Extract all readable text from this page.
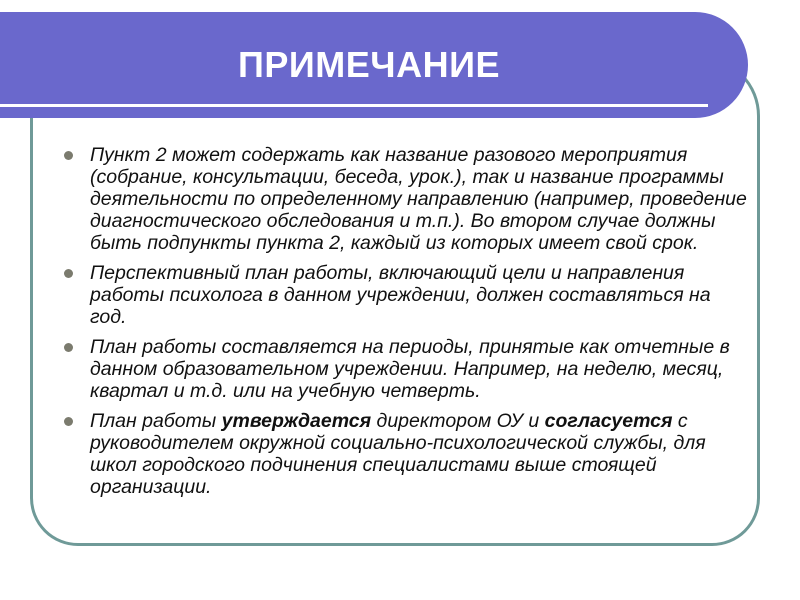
ПРИМЕЧАНИЕ
Пункт 2 может содержать как название разового мероприятия (собрание, консультации, беседа, урок.), так и название программы деятельности по определенному направлению (например, проведение диагностического обследования и т.п.). Во втором случае должны быть подпункты пункта 2, каждый из которых имеет свой срок.
Перспективный план работы, включающий цели и направления работы психолога в данном учреждении, должен составляться на год.
План работы составляется на периоды, принятые как отчетные в данном образовательном учреждении. Например, на неделю, месяц, квартал и т.д. или на учебную четверть.
План работы утверждается директором ОУ и согласуется с руководителем окружной социально-психологической службы, для школ городского подчинения специалистами выше стоящей организации.
